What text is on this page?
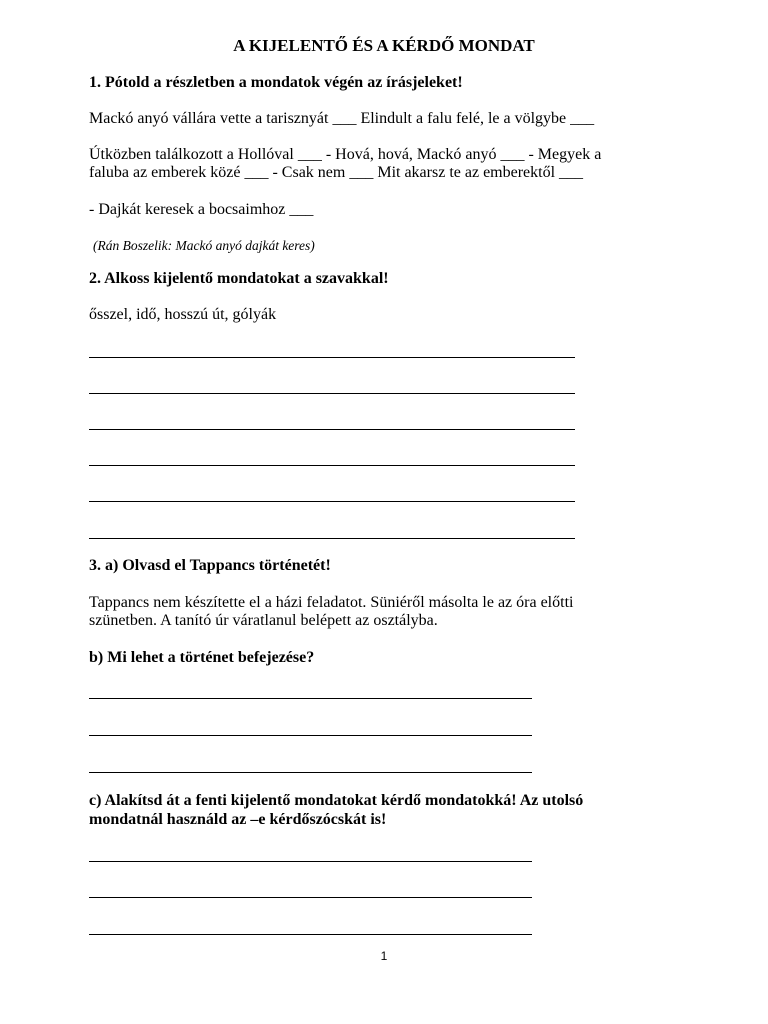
A KIJELENTŐ ÉS A KÉRDŐ MONDAT
1. Pótold a részletben a mondatok végén az írásjeleket!
Mackó anyó vállára vette a tarisznyát ___ Elindult a falu felé, le a völgybe ___
Útközben találkozott a Hollóval ___ - Hová, hová, Mackó anyó ___ - Megyek a
faluba az emberek közé ___ - Csak nem ___ Mit akarsz te az emberektől ___
- Dajkát keresek a bocsaimhoz ___
(Rán Boszelik: Mackó anyó dajkát keres)
2. Alkoss kijelentő mondatokat a szavakkal!
ősszel, idő, hosszú út, gólyák
3. a) Olvasd el Tappancs történetét!
Tappancs nem készítette el a házi feladatot. Süniéről másolta le az óra előtti
szünetben. A tanító úr váratlanul belépett az osztályba.
b) Mi lehet a történet befejezése?
c) Alakítsd át a fenti kijelentő mondatokat kérdő mondatokká! Az utolsó
mondatnál használd az –e kérdőszócskát is!
1
